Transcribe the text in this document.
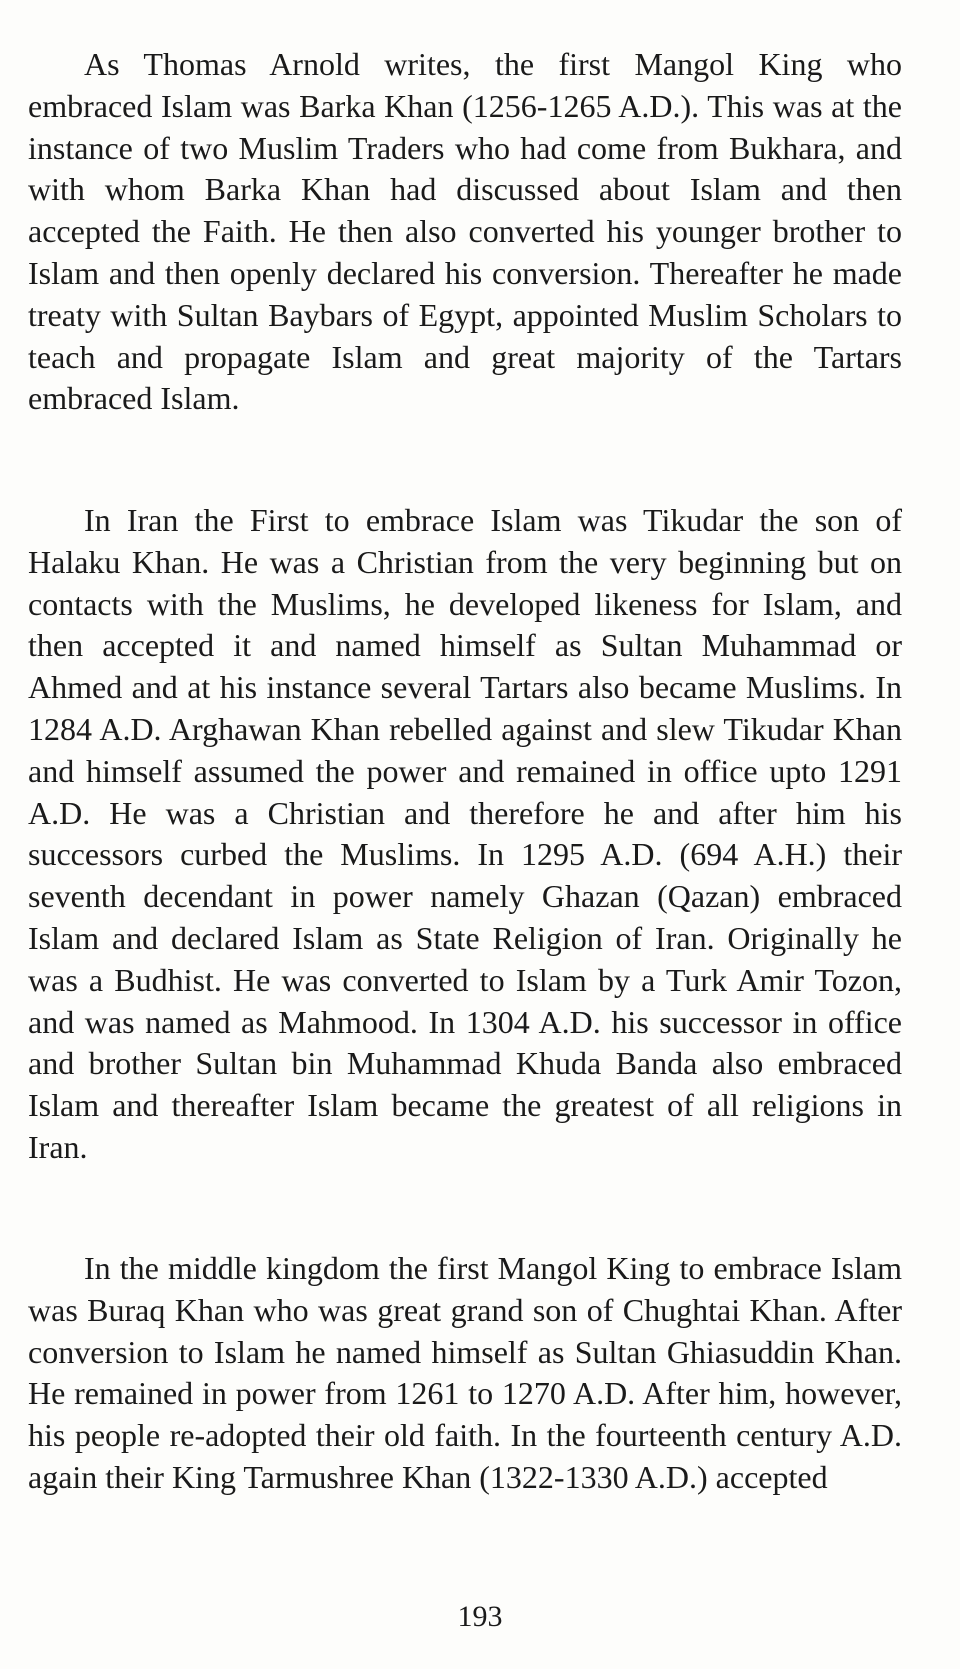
As Thomas Arnold writes, the first Mangol King who embraced Islam was Barka Khan (1256-1265 A.D.). This was at the instance of two Muslim Traders who had come from Bukhara, and with whom Barka Khan had discussed about Islam and then accepted the Faith. He then also converted his younger brother to Islam and then openly declared his conversion. Thereafter he made treaty with Sultan Baybars of Egypt, appointed Muslim Scholars to teach and propagate Islam and great majority of the Tartars embraced Islam.

In Iran the First to embrace Islam was Tikudar the son of Halaku Khan. He was a Christian from the very beginning but on contacts with the Muslims, he developed likeness for Islam, and then accepted it and named himself as Sultan Muhammad or Ahmed and at his instance several Tartars also became Muslims. In 1284 A.D. Arghawan Khan rebelled against and slew Tikudar Khan and himself assumed the power and remained in office upto 1291 A.D. He was a Christian and therefore he and after him his successors curbed the Muslims. In 1295 A.D. (694 A.H.) their seventh decendant in power namely Ghazan (Qazan) embraced Islam and declared Islam as State Religion of Iran. Originally he was a Budhist. He was converted to Islam by a Turk Amir Tozon, and was named as Mahmood. In 1304 A.D. his successor in office and brother Sultan bin Muhammad Khuda Banda also embraced Islam and thereafter Islam became the greatest of all religions in Iran.

In the middle kingdom the first Mangol King to embrace Islam was Buraq Khan who was great grand son of Chughtai Khan. After conversion to Islam he named himself as Sultan Ghiasuddin Khan. He remained in power from 1261 to 1270 A.D. After him, however, his people re-adopted their old faith. In the fourteenth century A.D. again their King Tarmushree Khan (1322-1330 A.D.) accepted

193
